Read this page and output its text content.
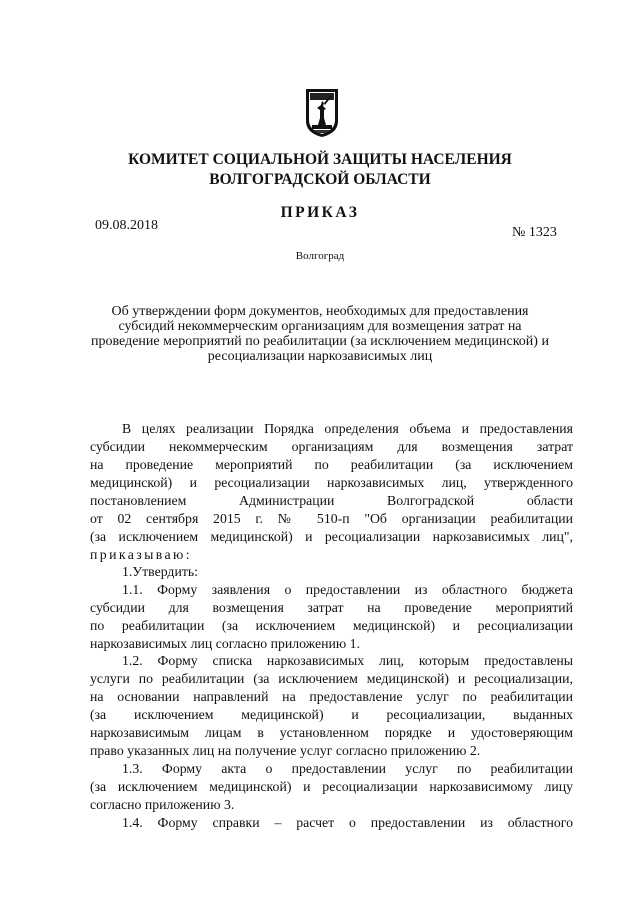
КОМИТЕТ СОЦИАЛЬНОЙ ЗАЩИТЫ НАСЕЛЕНИЯ
ВОЛГОГРАДСКОЙ ОБЛАСТИ
ПРИКАЗ
09.08.2018	№ 1323
Волгоград
Об утверждении форм документов, необходимых для предоставления
субсидий некоммерческим организациям для возмещения затрат на
проведение мероприятий по реабилитации (за исключением медицинской) и
ресоциализации наркозависимых лиц
В целях реализации Порядка определения объема и предоставления
субсидии некоммерческим организациям для возмещения затрат
на проведение мероприятий по реабилитации (за исключением
медицинской) и ресоциализации наркозависимых лиц, утвержденного
постановлением Администрации Волгоградской области
от 02 сентября 2015 г. № 510-п "Об организации реабилитации
(за исключением медицинской) и ресоциализации наркозависимых лиц",
приказываю:
1.Утвердить:
1.1. Форму заявления о предоставлении из областного бюджета
субсидии для возмещения затрат на проведение мероприятий
по реабилитации (за исключением медицинской) и ресоциализации
наркозависимых лиц согласно приложению 1.
1.2. Форму списка наркозависимых лиц, которым предоставлены
услуги по реабилитации (за исключением медицинской) и ресоциализации,
на основании направлений на предоставление услуг по реабилитации
(за исключением медицинской) и ресоциализации, выданных
наркозависимым лицам в установленном порядке и удостоверяющим
право указанных лиц на получение услуг согласно приложению 2.
1.3. Форму акта о предоставлении услуг по реабилитации
(за исключением медицинской) и ресоциализации наркозависимому лицу
согласно приложению 3.
1.4. Форму справки – расчет о предоставлении из областного
